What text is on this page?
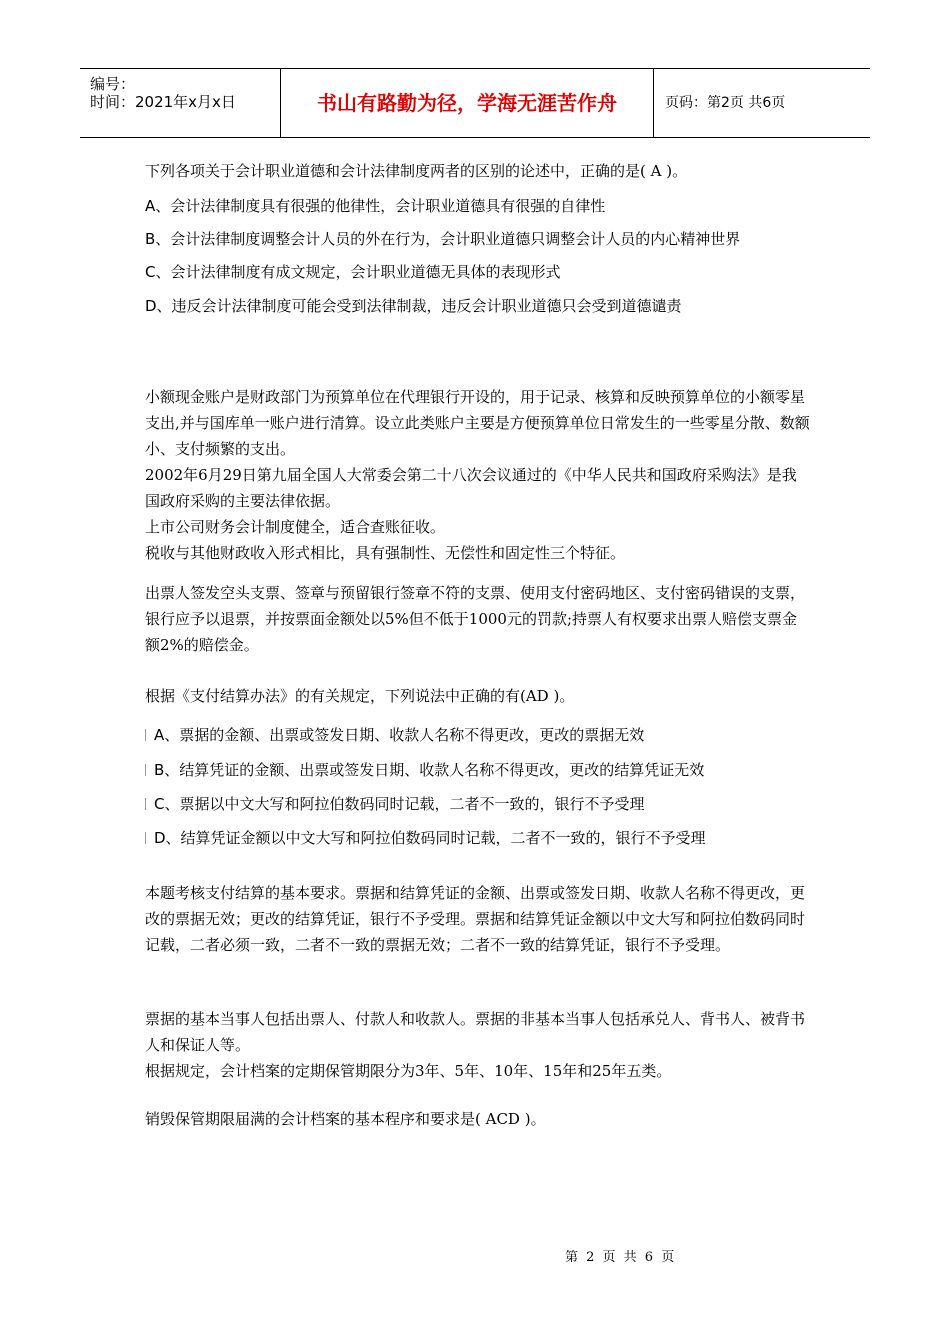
编号：
时间：2021年x月x日	书山有路勤为径，学海无涯苦作舟	页码：第2页 共6页

下列各项关于会计职业道德和会计法律制度两者的区别的论述中，正确的是( A )。

A、会计法律制度具有很强的他律性，会计职业道德具有很强的自律性
B、会计法律制度调整会计人员的外在行为，会计职业道德只调整会计人员的内心精神世界
C、会计法律制度有成文规定，会计职业道德无具体的表现形式
D、违反会计法律制度可能会受到法律制裁，违反会计职业道德只会受到道德谴责

小额现金账户是财政部门为预算单位在代理银行开设的，用于记录、核算和反映预算单位的小额零星支出,并与国库单一账户进行清算。设立此类账户主要是方便预算单位日常发生的一些零星分散、数额小、支付频繁的支出。

2002年6月29日第九届全国人大常委会第二十八次会议通过的《中华人民共和国政府采购法》是我国政府采购的主要法律依据。

上市公司财务会计制度健全，适合查账征收。

税收与其他财政收入形式相比，具有强制性、无偿性和固定性三个特征。

出票人签发空头支票、签章与预留银行签章不符的支票、使用支付密码地区、支付密码错误的支票，银行应予以退票，并按票面金额处以5%但不低于1000元的罚款;持票人有权要求出票人赔偿支票金额2%的赔偿金。

根据《支付结算办法》的有关规定，下列说法中正确的有(AD )。

A、票据的金额、出票或签发日期、收款人名称不得更改，更改的票据无效
B、结算凭证的金额、出票或签发日期、收款人名称不得更改，更改的结算凭证无效
C、票据以中文大写和阿拉伯数码同时记载，二者不一致的，银行不予受理
D、结算凭证金额以中文大写和阿拉伯数码同时记载，二者不一致的，银行不予受理

本题考核支付结算的基本要求。票据和结算凭证的金额、出票或签发日期、收款人名称不得更改，更改的票据无效；更改的结算凭证，银行不予受理。票据和结算凭证金额以中文大写和阿拉伯数码同时记载，二者必须一致，二者不一致的票据无效；二者不一致的结算凭证，银行不予受理。

票据的基本当事人包括出票人、付款人和收款人。票据的非基本当事人包括承兑人、背书人、被背书人和保证人等。

根据规定，会计档案的定期保管期限分为3年、5年、10年、15年和25年五类。

销毁保管期限届满的会计档案的基本程序和要求是( ACD )。

第 2 页 共 6 页
